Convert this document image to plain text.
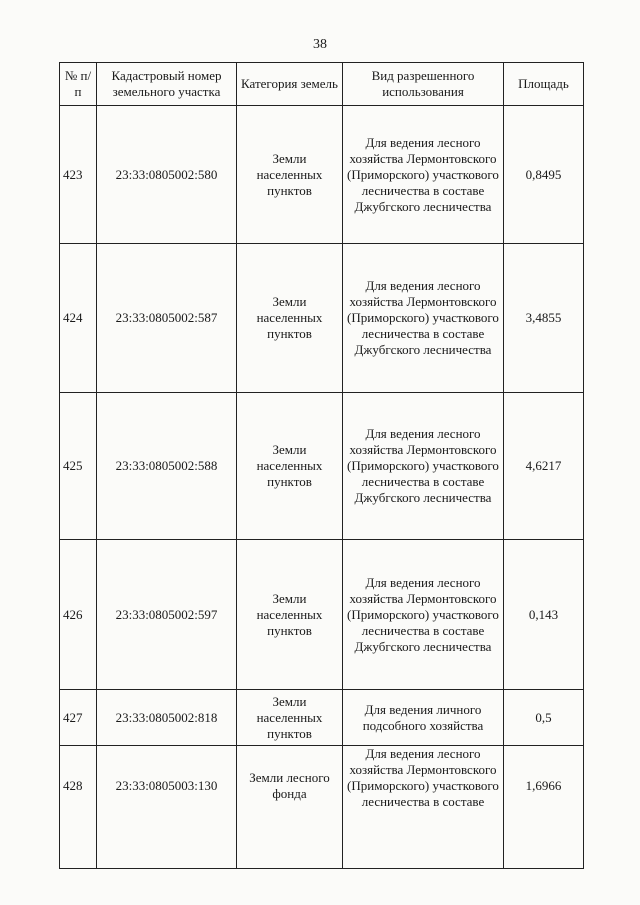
38
№ п/п	Кадастровый номер земельного участка	Категория земель	Вид разрешенного использования	Площадь
423	23:33:0805002:580	Земли населенных пунктов	Для ведения лесного хозяйства Лермонтовского (Приморского) участкового лесничества в составе Джубгского лесничества	0,8495
424	23:33:0805002:587	Земли населенных пунктов	Для ведения лесного хозяйства Лермонтовского (Приморского) участкового лесничества в составе Джубгского лесничества	3,4855
425	23:33:0805002:588	Земли населенных пунктов	Для ведения лесного хозяйства Лермонтовского (Приморского) участкового лесничества в составе Джубгского лесничества	4,6217
426	23:33:0805002:597	Земли населенных пунктов	Для ведения лесного хозяйства Лермонтовского (Приморского) участкового лесничества в составе Джубгского лесничества	0,143
427	23:33:0805002:818	Земли населенных пунктов	Для ведения личного подсобного хозяйства	0,5
428	23:33:0805003:130	Земли лесного фонда	Для ведения лесного хозяйства Лермонтовского (Приморского) участкового лесничества в составе	1,6966
